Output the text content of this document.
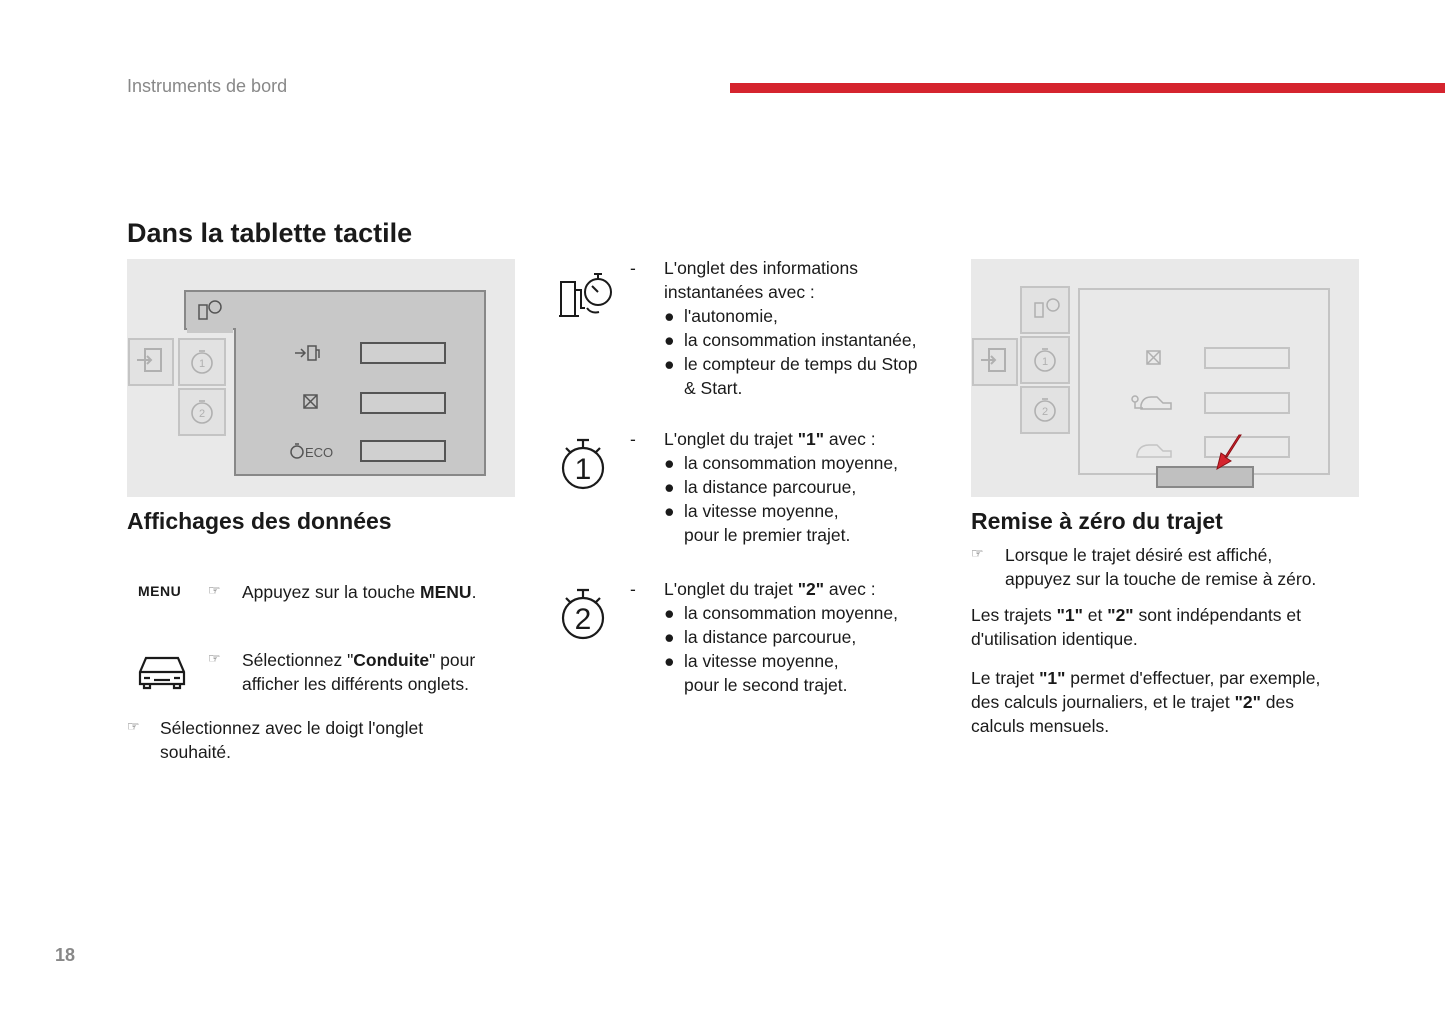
Instruments de bord
Dans la tablette tactile
1
2
ECO
Affichages des données
MENU ☞ Appuyez sur la touche MENU.
☞ Sélectionnez "Conduite" pour
afficher les différents onglets.
☞ Sélectionnez avec le doigt l'onglet
souhaité.
- L'onglet des informations
instantanées avec :
● l'autonomie,
● la consommation instantanée,
● le compteur de temps du Stop
& Start.
1
- L'onglet du trajet "1" avec :
● la consommation moyenne,
● la distance parcourue,
● la vitesse moyenne,
pour le premier trajet.
2
- L'onglet du trajet "2" avec :
● la consommation moyenne,
● la distance parcourue,
● la vitesse moyenne,
pour le second trajet.
1
2
Remise à zéro du trajet
☞ Lorsque le trajet désiré est affiché,
appuyez sur la touche de remise à zéro.
Les trajets "1" et "2" sont indépendants et
d'utilisation identique.
Le trajet "1" permet d'effectuer, par exemple,
des calculs journaliers, et le trajet "2" des
calculs mensuels.
18
